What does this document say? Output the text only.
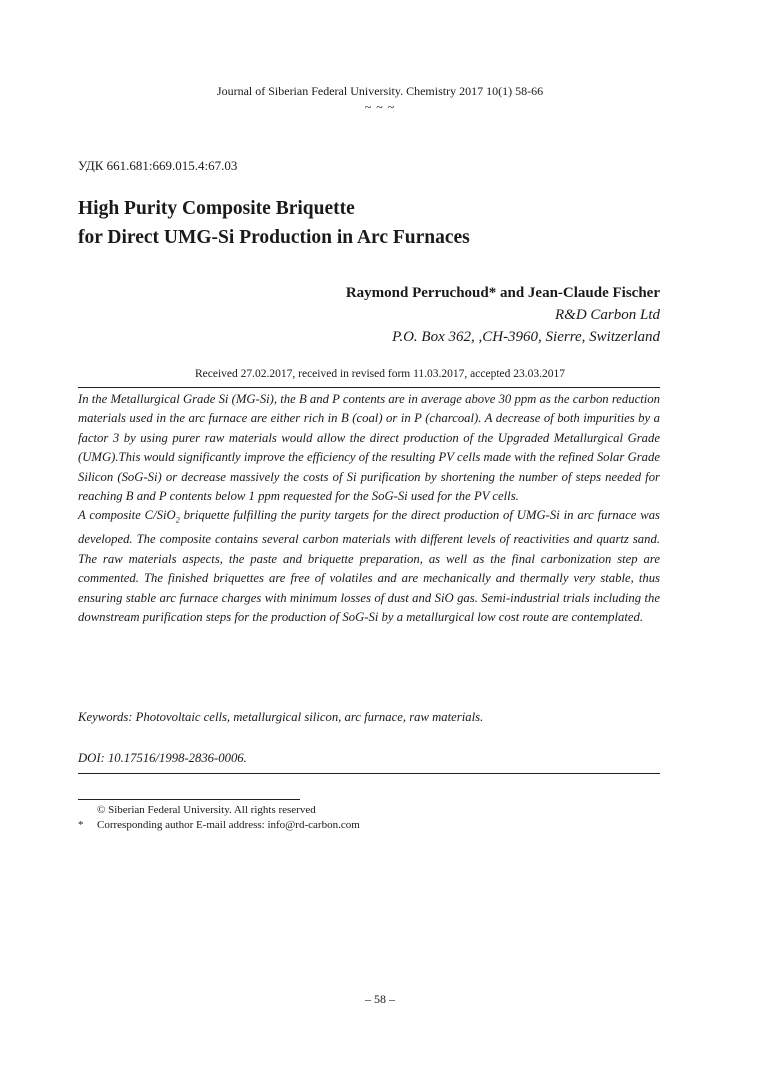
Journal of Siberian Federal University. Chemistry 2017 10(1) 58-66
~ ~ ~
УДК 661.681:669.015.4:67.03
High Purity Composite Briquette
for Direct UMG-Si Production in Arc Furnaces
Raymond Perruchoud* and Jean-Claude Fischer
R&D Carbon Ltd
P.O. Box 362, ,CH-3960, Sierre, Switzerland
Received 27.02.2017, received in revised form 11.03.2017, accepted 23.03.2017

In the Metallurgical Grade Si (MG-Si), the B and P contents are in average above 30 ppm as the carbon reduction materials used in the arc furnace are either rich in B (coal) or in P (charcoal). A decrease of both impurities by a factor 3 by using purer raw materials would allow the direct production of the Upgraded Metallurgical Grade (UMG).This would significantly improve the efficiency of the resulting PV cells made with the refined Solar Grade Silicon (SoG-Si) or decrease massively the costs of Si purification by shortening the number of steps needed for reaching B and P contents below 1 ppm requested for the SoG-Si used for the PV cells.

A composite C/SiO$_2$ briquette fulfilling the purity targets for the direct production of UMG-Si in arc furnace was developed. The composite contains several carbon materials with different levels of reactivities and quartz sand. The raw materials aspects, the paste and briquette preparation, as well as the final carbonization step are commented. The finished briquettes are free of volatiles and are mechanically and thermally very stable, thus ensuring stable arc furnace charges with minimum losses of dust and SiO gas. Semi-industrial trials including the downstream purification steps for the production of SoG-Si by a metallurgical low cost route are contemplated.

Keywords: Photovoltaic cells, metallurgical silicon, arc furnace, raw materials.
DOI: 10.17516/1998-2836-0006.
© Siberian Federal University. All rights reserved
* Corresponding author E-mail address: info@rd-carbon.com
– 58 –
